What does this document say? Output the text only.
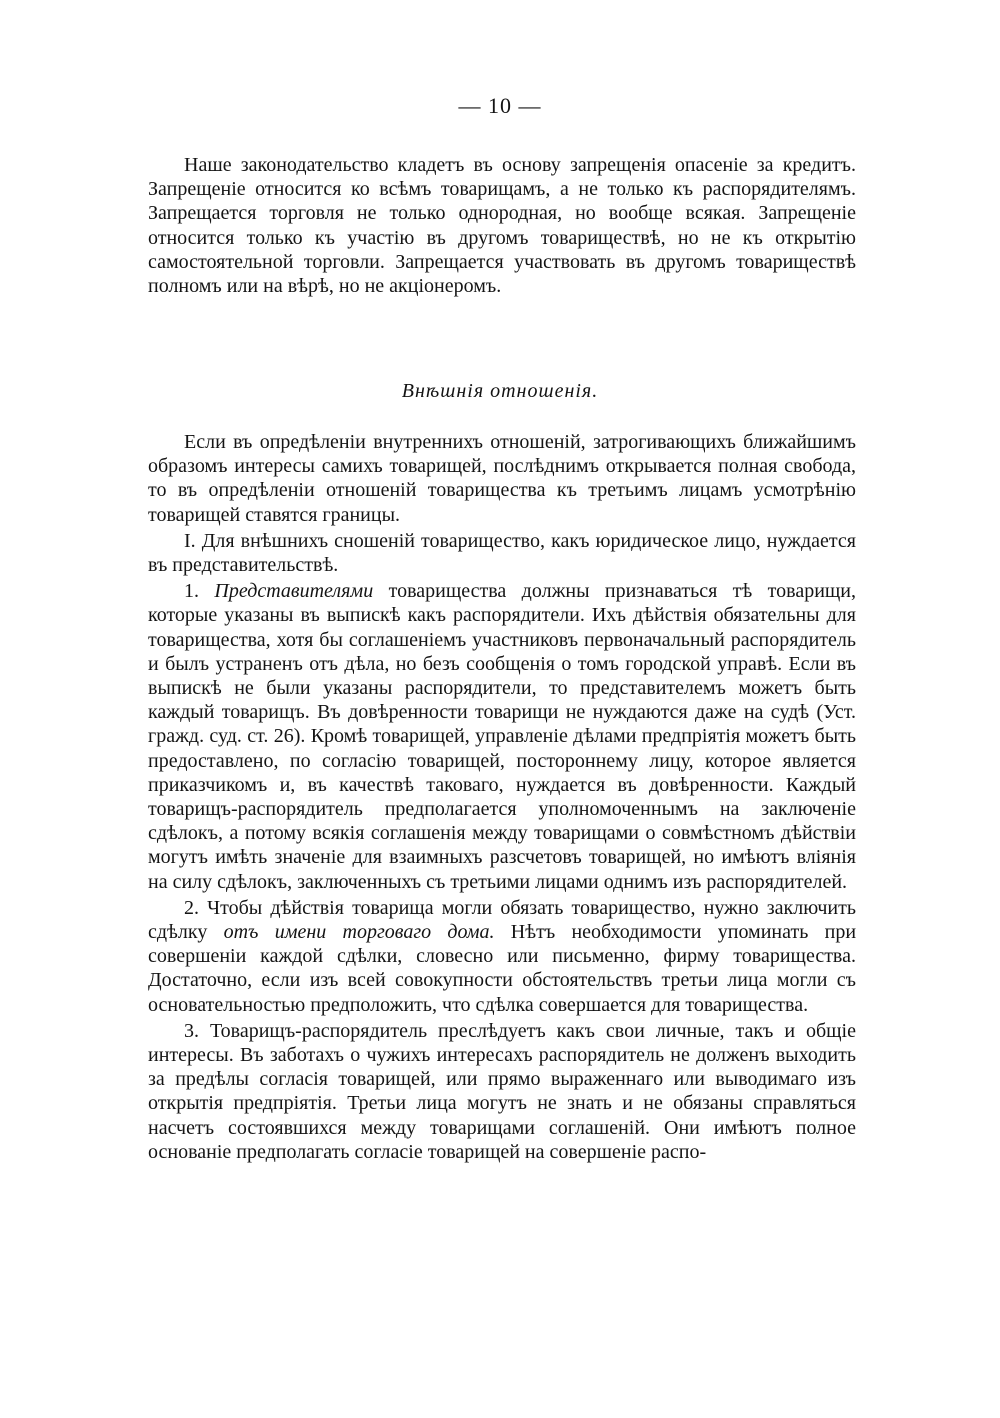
— 10 —

Наше законодательство кладетъ въ основу запрещенія опасеніе за кредитъ. Запрещеніе относится ко всѣмъ товарищамъ, а не только къ распорядителямъ. Запрещается торговля не только однородная, но вообще всякая. Запрещеніе относится только къ участію въ другомъ товариществѣ, но не къ открытію самостоятельной торговли. Запрещается участвовать въ другомъ товариществѣ полномъ или на вѣрѣ, но не акціонеромъ.

Внѣшнія отношенія.

Если въ опредѣленіи внутреннихъ отношеній, затрогивающихъ ближайшимъ образомъ интересы самихъ товарищей, послѣднимъ открывается полная свобода, то въ опредѣленіи отношеній товарищества къ третьимъ лицамъ усмотрѣнію товарищей ставятся границы.

I. Для внѣшнихъ сношеній товарищество, какъ юридическое лицо, нуждается въ представительствѣ.

1. Представителями товарищества должны признаваться тѣ товарищи, которые указаны въ выпискѣ какъ распорядители. Ихъ дѣйствія обязательны для товарищества, хотя бы соглашеніемъ участниковъ первоначальный распорядитель и былъ устраненъ отъ дѣла, но безъ сообщенія о томъ городской управѣ. Если въ выпискѣ не были указаны распорядители, то представителемъ можетъ быть каждый товарищъ. Въ довѣренности товарищи не нуждаются даже на судѣ (Уст. гражд. суд. ст. 26). Кромѣ товарищей, управленіе дѣлами предпріятія можетъ быть предоставлено, по согласію товарищей, постороннему лицу, которое является приказчикомъ и, въ качествѣ таковаго, нуждается въ довѣренности. Каждый товарищъ-распорядитель предполагается уполномоченнымъ на заключеніе сдѣлокъ, а потому всякія соглашенія между товарищами о совмѣстномъ дѣйствіи могутъ имѣть значеніе для взаимныхъ разсчетовъ товарищей, но имѣютъ вліянія на силу сдѣлокъ, заключенныхъ съ третьими лицами однимъ изъ распорядителей.

2. Чтобы дѣйствія товарища могли обязать товарищество, нужно заключить сдѣлку отъ имени торговаго дома. Нѣтъ необходимости упоминать при совершеніи каждой сдѣлки, словесно или письменно, фирму товарищества. Достаточно, если изъ всей совокупности обстоятельствъ третьи лица могли съ основательностью предположить, что сдѣлка совершается для товарищества.

3. Товарищъ-распорядитель преслѣдуетъ какъ свои личные, такъ и общіе интересы. Въ заботахъ о чужихъ интересахъ распорядитель не долженъ выходить за предѣлы согласія товарищей, или прямо выраженнаго или выводимаго изъ открытія предпріятія. Третьи лица могутъ не знать и не обязаны справляться насчетъ состоявшихся между товарищами соглашеній. Они имѣютъ полное основаніе предполагать согласіе товарищей на совершеніе распо-
